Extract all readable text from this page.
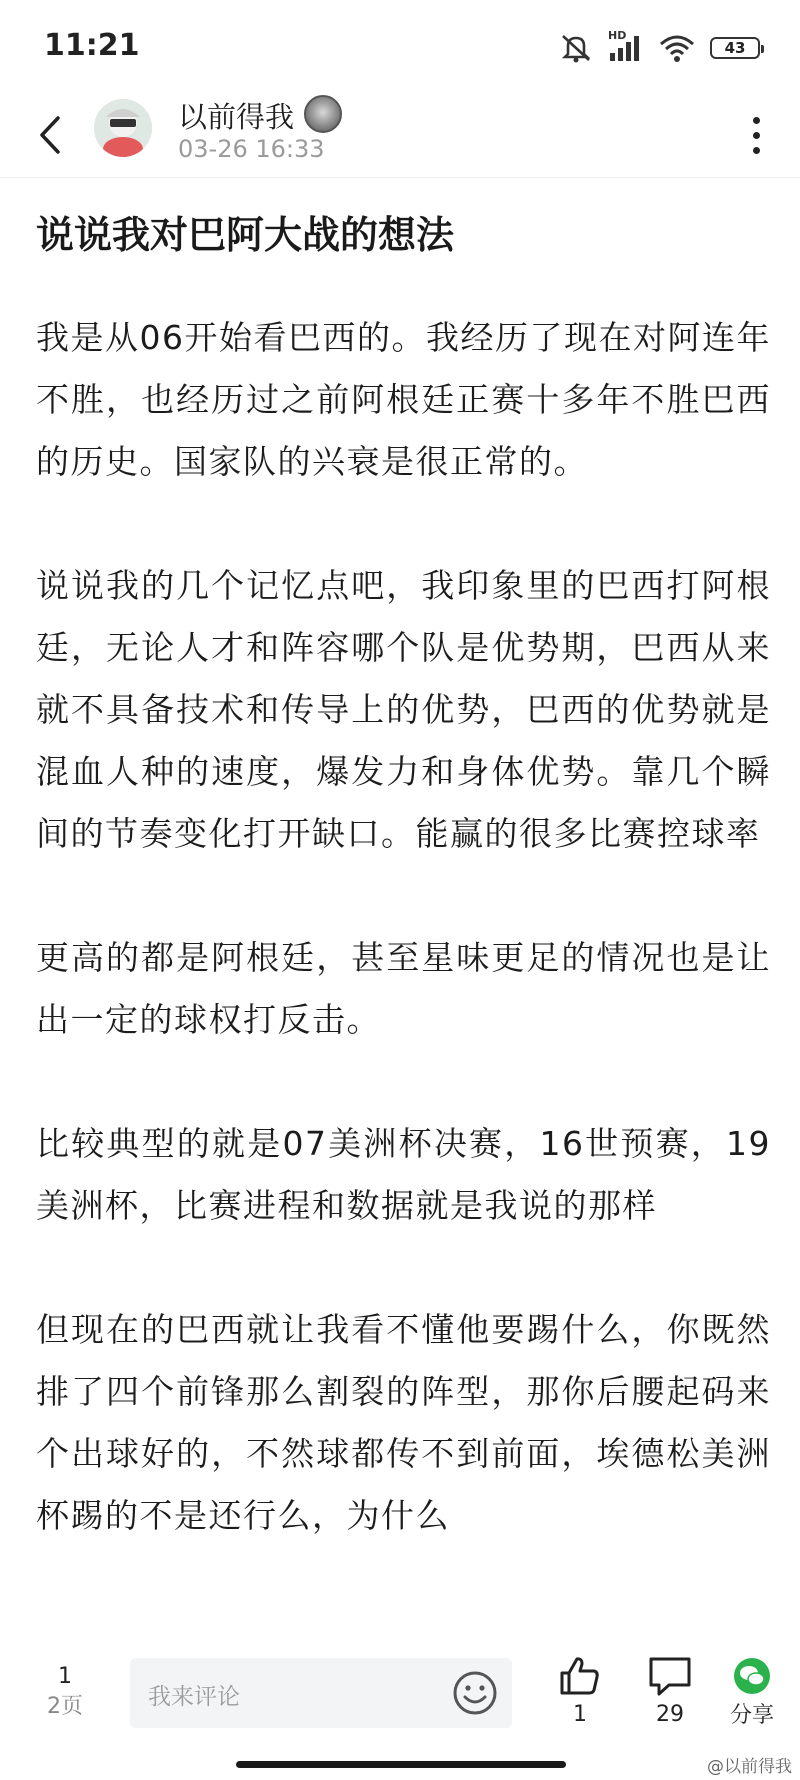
11:21	HD
43
以前得我
03-26 16:33
说说我对巴阿大战的想法

我是从06开始看巴西的。我经历了现在对阿连年不胜，也经历过之前阿根廷正赛十多年不胜巴西的历史。国家队的兴衰是很正常的。

说说我的几个记忆点吧，我印象里的巴西打阿根廷，无论人才和阵容哪个队是优势期，巴西从来就不具备技术和传导上的优势，巴西的优势就是混血人种的速度，爆发力和身体优势。靠几个瞬间的节奏变化打开缺口。能赢的很多比赛控球率

更高的都是阿根廷，甚至星味更足的情况也是让出一定的球权打反击。

比较典型的就是07美洲杯决赛，16世预赛，19美洲杯，比赛进程和数据就是我说的那样

但现在的巴西就让我看不懂他要踢什么，你既然排了四个前锋那么割裂的阵型，那你后腰起码来个出球好的，不然球都传不到前面，埃德松美洲杯踢的不是还行么，为什么

1
2页	我来评论
1	29	分享
@以前得我
